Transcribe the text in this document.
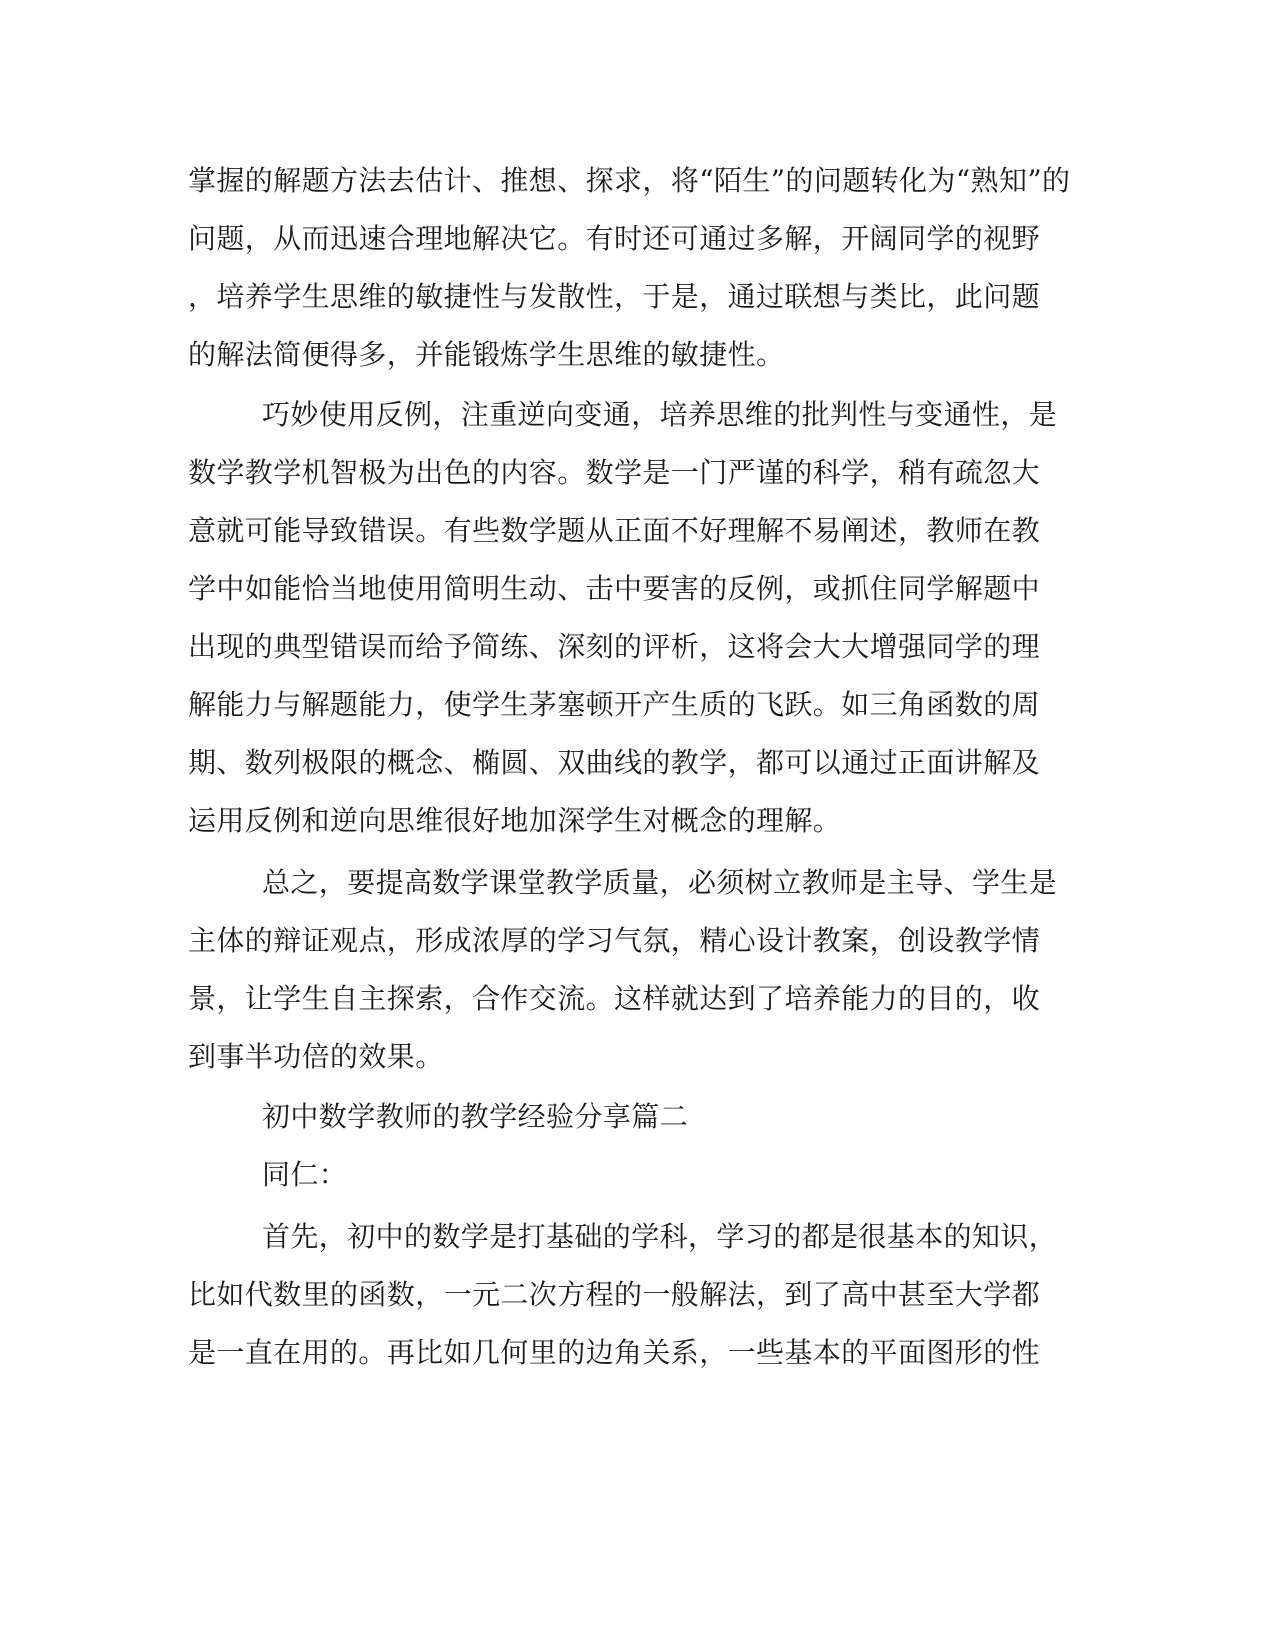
掌握的解题方法去估计、推想、探求，将“陌生”的问题转化为“熟知”的
问题，从而迅速合理地解决它。有时还可通过多解，开阔同学的视野
，培养学生思维的敏捷性与发散性，于是，通过联想与类比，此问题
的解法简便得多，并能锻炼学生思维的敏捷性。
巧妙使用反例，注重逆向变通，培养思维的批判性与变通性，是
数学教学机智极为出色的内容。数学是一门严谨的科学，稍有疏忽大
意就可能导致错误。有些数学题从正面不好理解不易阐述，教师在教
学中如能恰当地使用简明生动、击中要害的反例，或抓住同学解题中
出现的典型错误而给予简练、深刻的评析，这将会大大增强同学的理
解能力与解题能力，使学生茅塞顿开产生质的飞跃。如三角函数的周
期、数列极限的概念、椭圆、双曲线的教学，都可以通过正面讲解及
运用反例和逆向思维很好地加深学生对概念的理解。
总之，要提高数学课堂教学质量，必须树立教师是主导、学生是
主体的辩证观点，形成浓厚的学习气氛，精心设计教案，创设教学情
景，让学生自主探索，合作交流。这样就达到了培养能力的目的，收
到事半功倍的效果。
初中数学教师的教学经验分享篇二
同仁：
首先，初中的数学是打基础的学科，学习的都是很基本的知识，
比如代数里的函数，一元二次方程的一般解法，到了高中甚至大学都
是一直在用的。再比如几何里的边角关系，一些基本的平面图形的性
